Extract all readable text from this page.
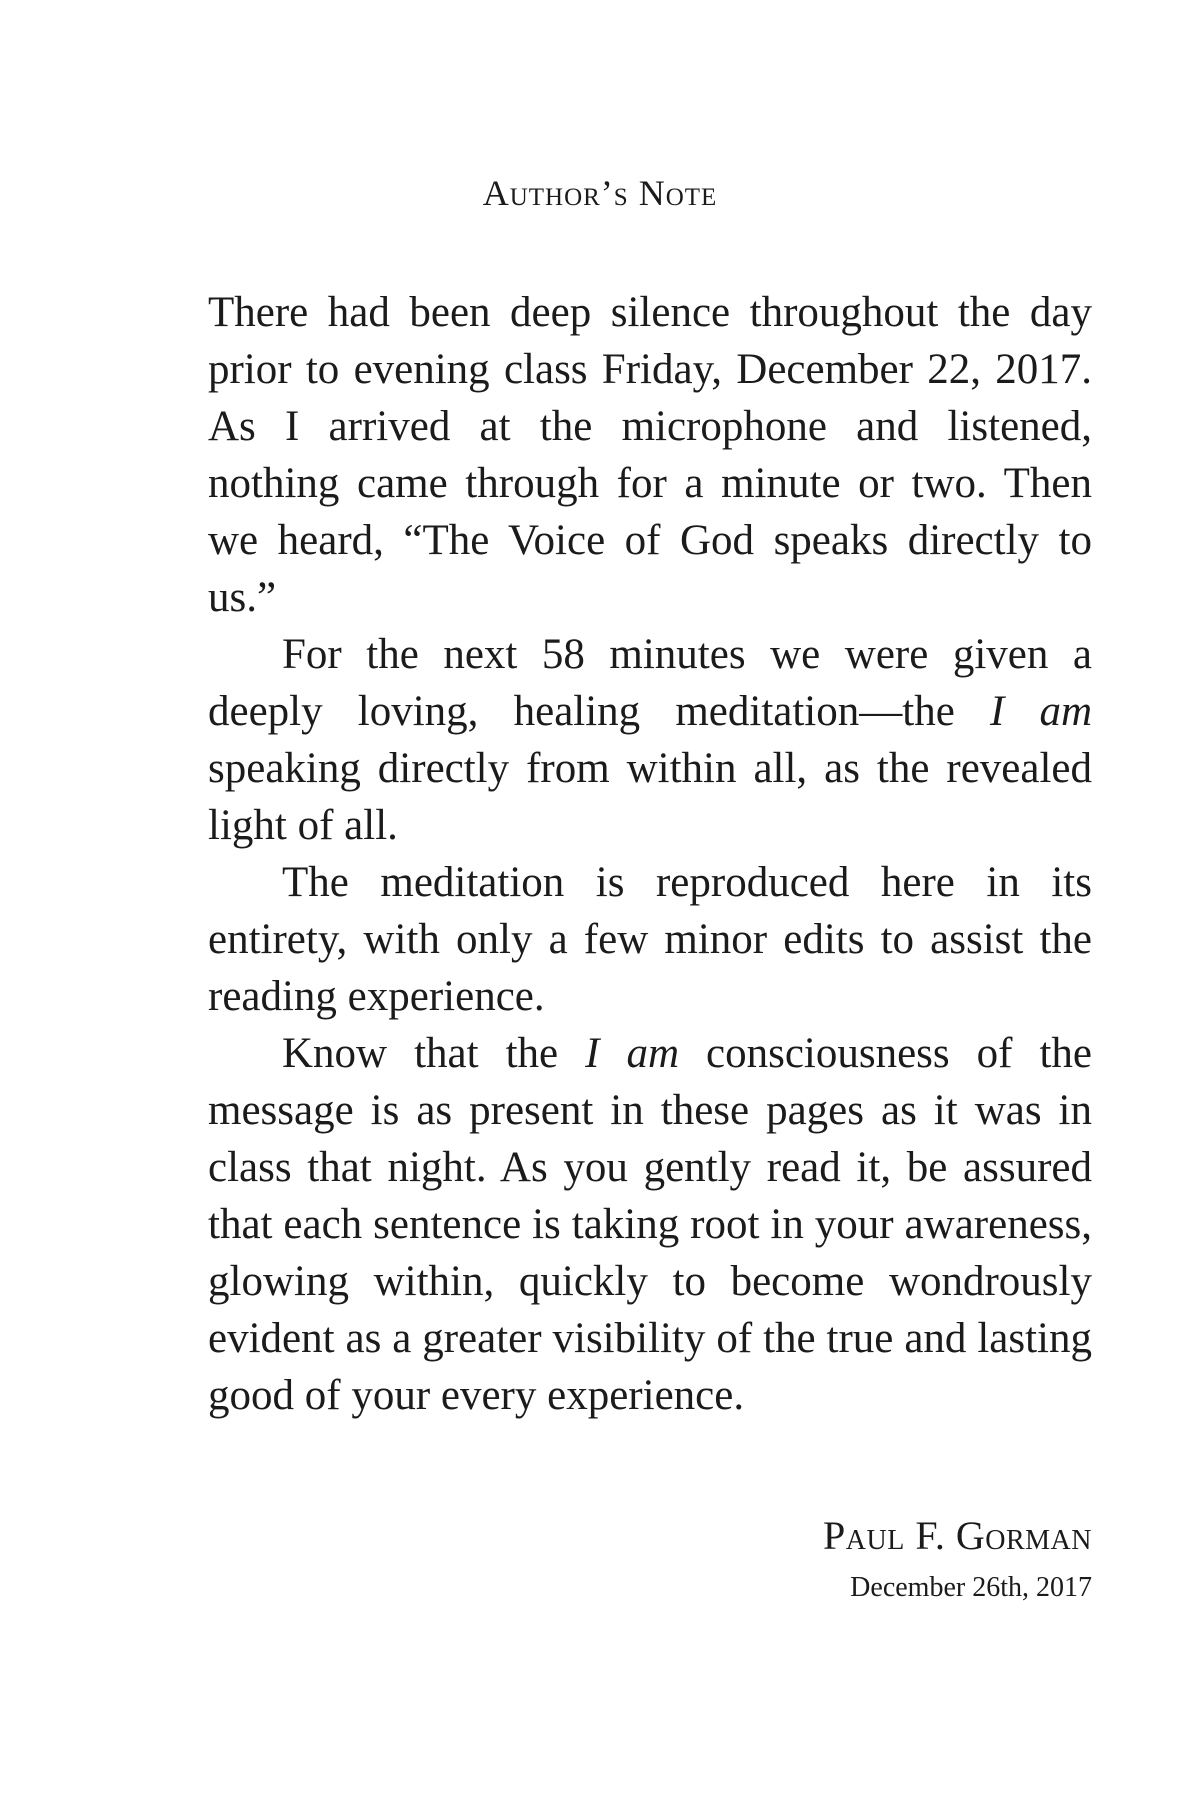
Author’s Note

There had been deep silence throughout the day prior to evening class Friday, December 22, 2017. As I arrived at the microphone and listened, nothing came through for a minute or two. Then we heard, “The Voice of God speaks directly to us.”

For the next 58 minutes we were given a deeply loving, healing meditation—the I am speaking directly from within all, as the revealed light of all.

The meditation is reproduced here in its entirety, with only a few minor edits to assist the reading experience.

Know that the I am consciousness of the message is as present in these pages as it was in class that night. As you gently read it, be assured that each sentence is taking root in your awareness, glowing within, quickly to become wondrously evident as a greater visibility of the true and lasting good of your every experience.

Paul F. Gorman
December 26th, 2017
